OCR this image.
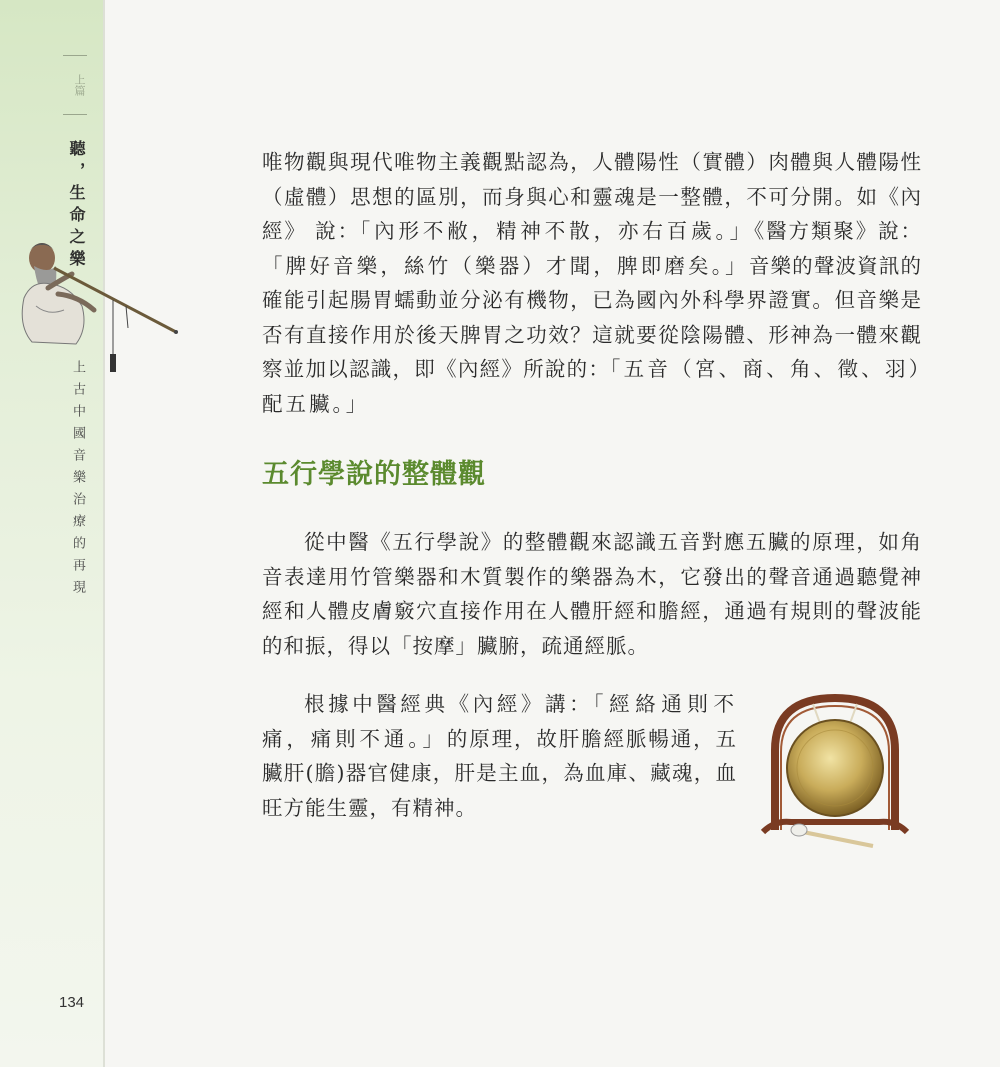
上篇
聽，生命之樂
上古中國音樂治療的再現
134

唯物觀與現代唯物主義觀點認為，人體陽性（實體）肉體與人體陽性（虛體）思想的區別，而身與心和靈魂是一整體，不可分開。如《內經》 說：「內形不敝，精神不散，亦右百歲。」《醫方類聚》說：「脾好音樂，絲竹（樂器）才聞，脾即磨矣。」音樂的聲波資訊的確能引起腸胃蠕動並分泌有機物，已為國內外科學界證實。但音樂是否有直接作用於後天脾胃之功效？這就要從陰陽體、形神為一體來觀察並加以認識，即《內經》所說的：「五音（宮、商、角、徵、羽）配五臟。」

五行學說的整體觀

從中醫《五行學說》的整體觀來認識五音對應五臟的原理，如角音表達用竹管樂器和木質製作的樂器為木，它發出的聲音通過聽覺神經和人體皮膚竅穴直接作用在人體肝經和膽經，通過有規則的聲波能的和振，得以「按摩」臟腑，疏通經脈。

根據中醫經典《內經》講：「經絡通則不痛，痛則不通。」的原理，故肝膽經脈暢通，五臟肝(膽)器官健康，肝是主血，為血庫、藏魂，血旺方能生靈，有精神。
